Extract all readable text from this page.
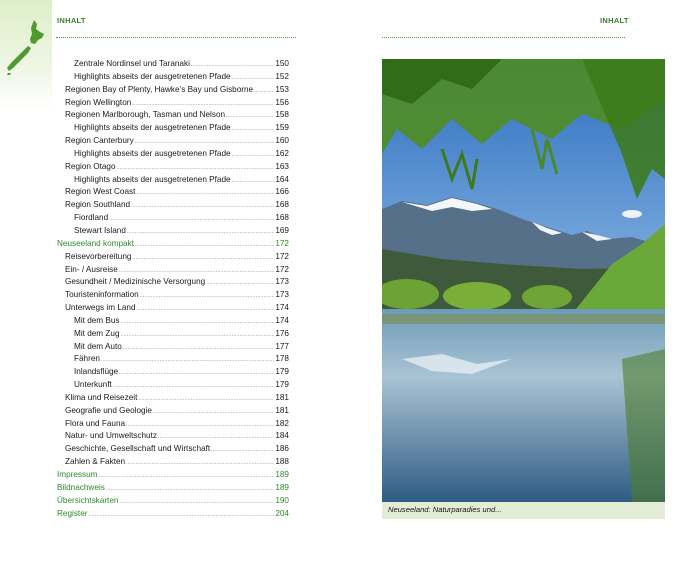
INHALT	INHALT
Zentrale Nordinsel und Taranaki .....	150
Highlights abseits der ausgetretenen Pfade .....	152
Regionen Bay of Plenty, Hawke’s Bay und Gisborne .....	153
Region Wellington .....	156
Regionen Marlborough, Tasman und Nelson .....	158
Highlights abseits der ausgetretenen Pfade .....	159
Region Canterbury .....	160
Highlights abseits der ausgetretenen Pfade .....	162
Region Otago .....	163
Highlights abseits der ausgetretenen Pfade .....	164
Region West Coast .....	166
Region Southland .....	168
Fiordland .....	168
Stewart Island .....	169
Neuseeland kompakt .....	172
Reisevorbereitung .....	172
Ein- / Ausreise .....	172
Gesundheit / Medizinische Versorgung .....	173
Touristeninformation .....	173
Unterwegs im Land .....	174
Mit dem Bus .....	174
Mit dem Zug .....	176
Mit dem Auto .....	177
Fähren .....	178
Inlandsflüge .....	179
Unterkunft .....	179
Klima und Reisezeit .....	181
Geografie und Geologie .....	181
Flora und Fauna .....	182
Natur- und Umweltschutz .....	184
Geschichte, Gesellschaft und Wirtschaft .....	186
Zahlen & Fakten .....	188
Impressum .....	189
Bildnachweis .....	189
Übersichtskarten .....	190
Register .....	204	Neuseeland: Naturparadies und...
